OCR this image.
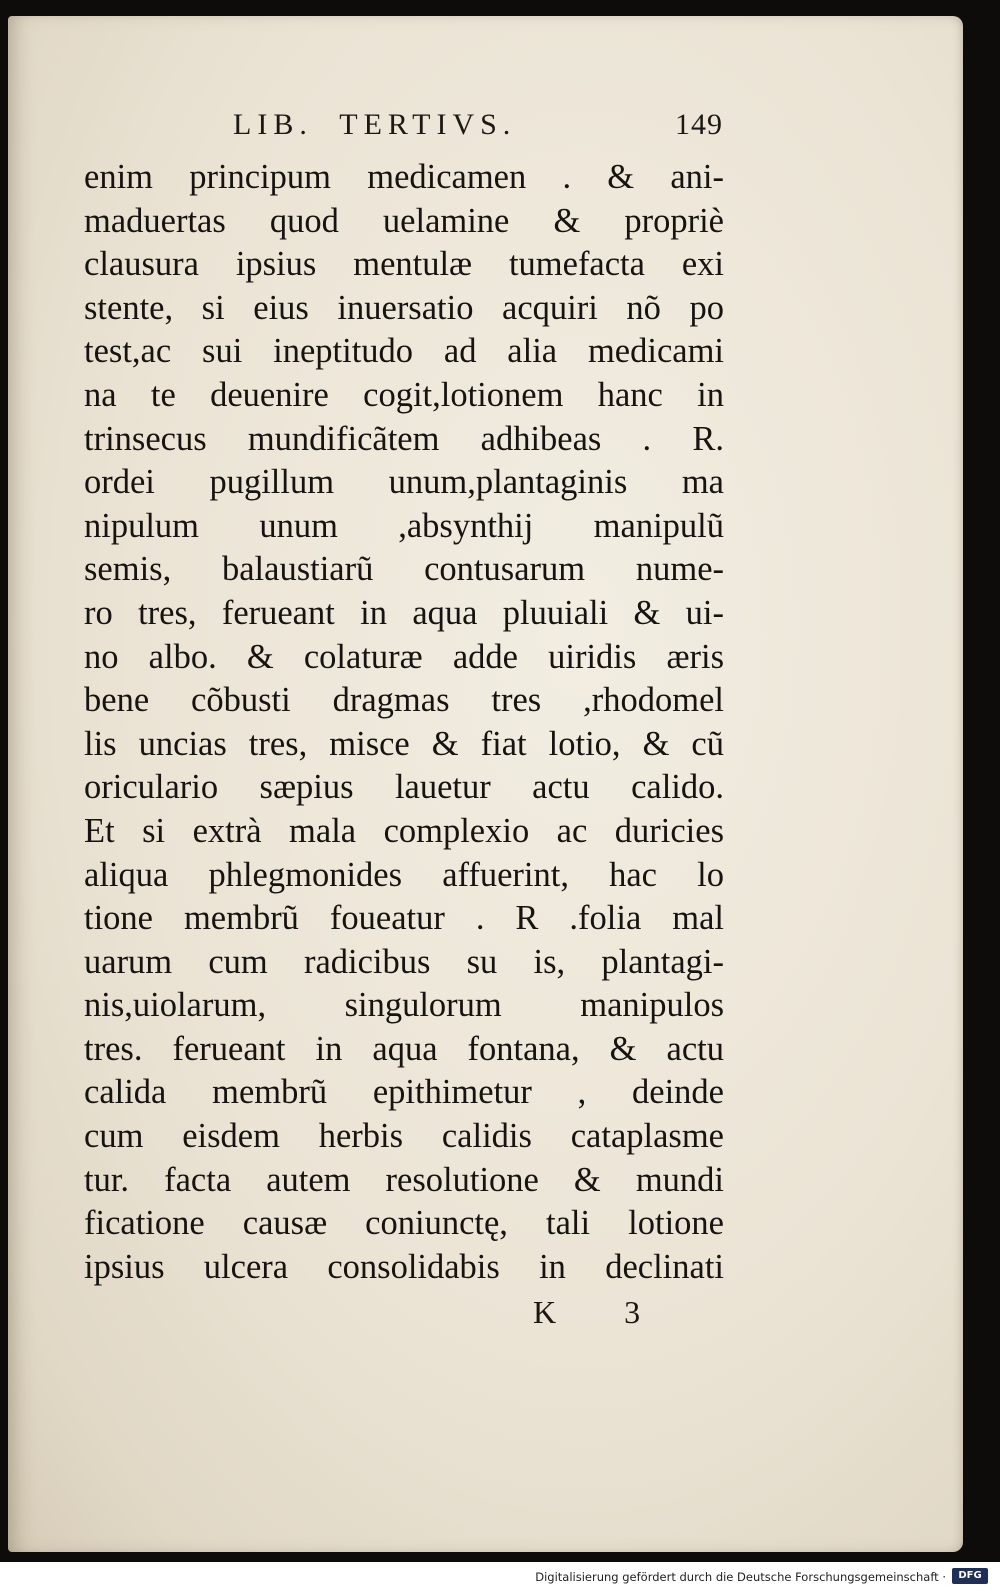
LIB.  TERTIVS.	149
enim principum medicamen . & ani-
maduertas quod uelamine & propriè
clausura ipsius mentulæ tumefacta exi
stente, si eius inuersatio acquiri nõ po
test,ac sui ineptitudo ad alia medicami
na te deuenire cogit,lotionem hanc in
trinsecus mundificãtem adhibeas . R.
ordei pugillum unum,plantaginis ma
nipulum unum ,absynthij manipulũ
semis, balaustiarũ contusarum nume-
ro tres, ferueant in aqua pluuiali & ui-
no albo. & colaturæ adde uiridis æris
bene cõbusti dragmas tres ,rhodomel
lis uncias tres, misce & fiat lotio, & cũ
oriculario sæpius lauetur actu calido.
Et si extrà mala complexio ac duricies
aliqua phlegmonides affuerint, hac lo
tione membrũ foueatur . R .folia mal
uarum cum radicibus su is, plantagi-
nis,uiolarum, singulorum manipulos
tres. ferueant in aqua fontana, & actu
calida membrũ epithimetur , deinde
cum eisdem herbis calidis cataplasme
tur. facta autem resolutione & mundi
ficatione causæ coniunctę, tali lotione
ipsius ulcera consolidabis in declinati
K 3
Digitalisierung gefördert durch die Deutsche Forschungsgemeinschaft ·	DFG
